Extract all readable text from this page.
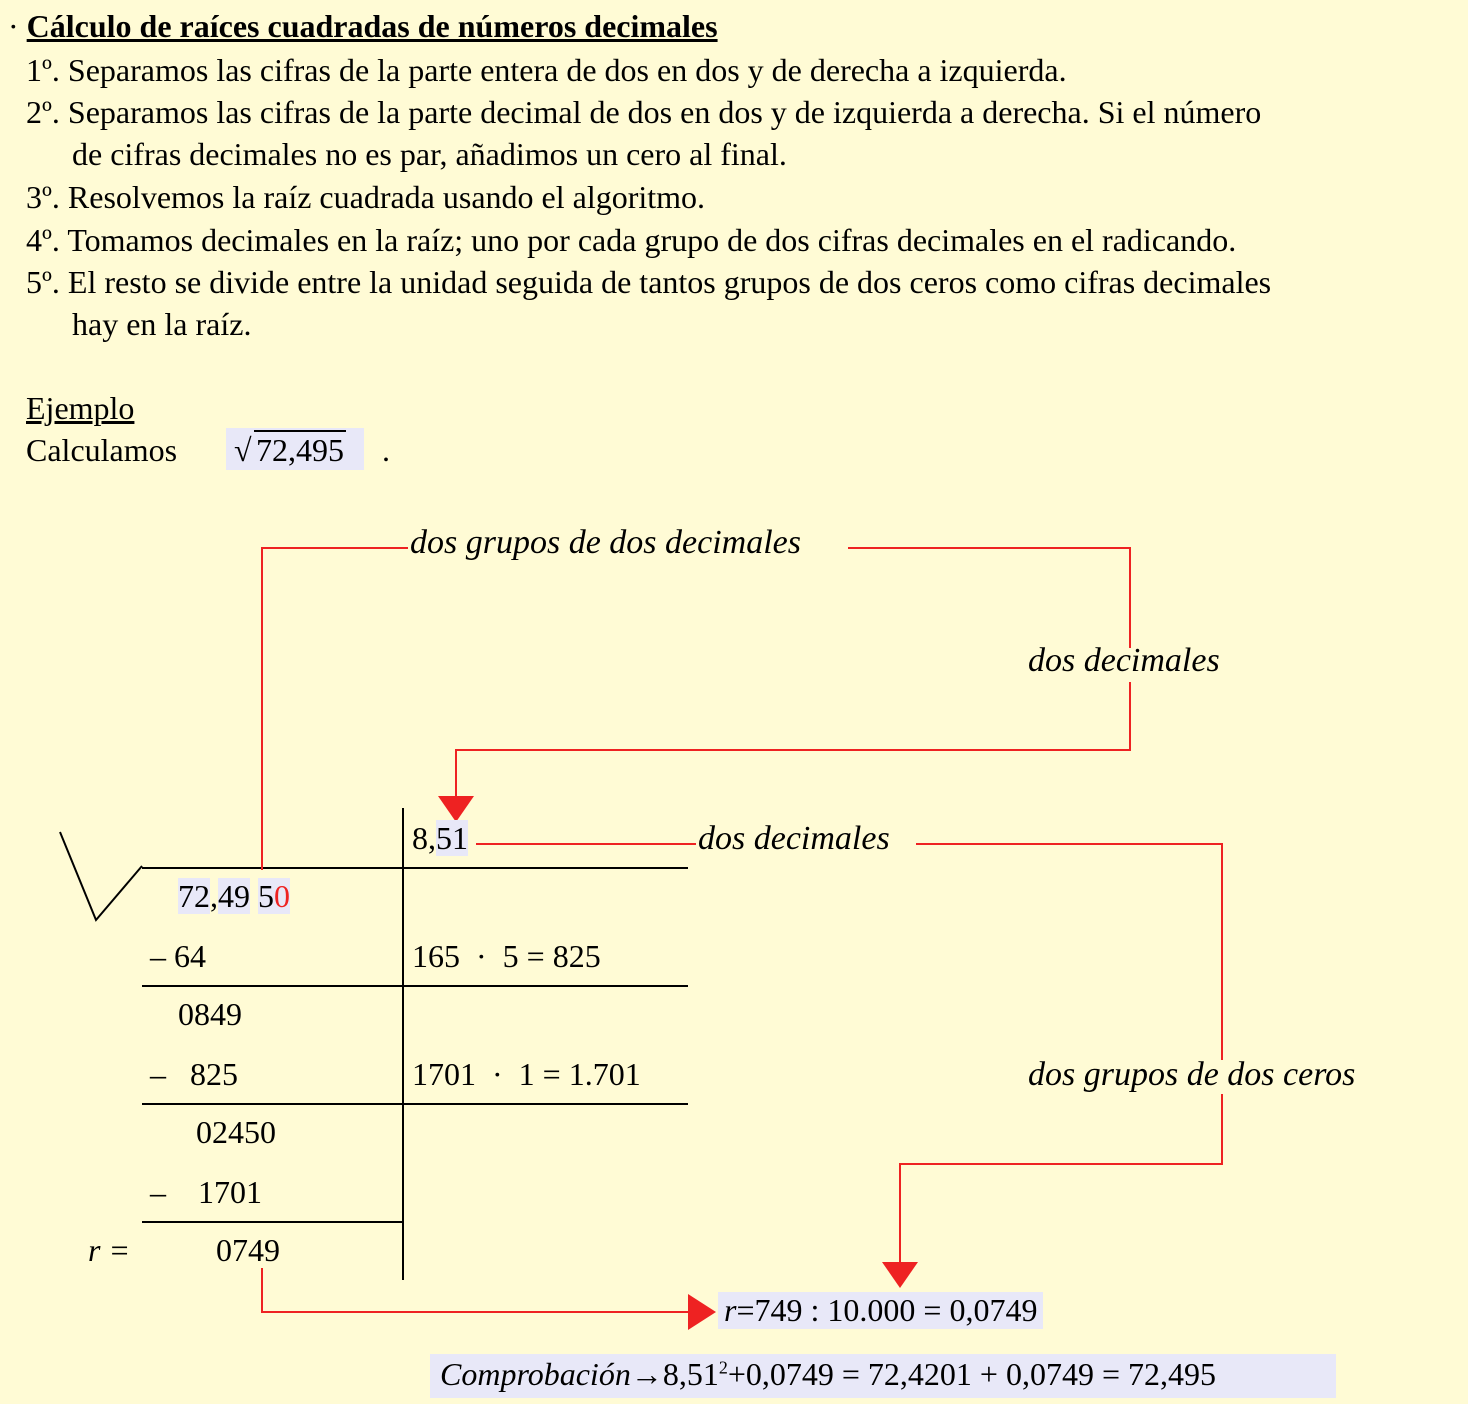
· Cálculo de raíces cuadradas de números decimales
1º. Separamos las cifras de la parte entera de dos en dos y de derecha a izquierda.
2º. Separamos las cifras de la parte decimal de dos en dos y de izquierda a derecha. Si el número
de cifras decimales no es par, añadimos un cero al final.
3º. Resolvemos la raíz cuadrada usando el algoritmo.
4º. Tomamos decimales en la raíz; uno por cada grupo de dos cifras decimales en el radicando.
5º. El resto se divide entre la unidad seguida de tantos grupos de dos ceros como cifras decimales
hay en la raíz.
Ejemplo
Calculamos √ 72,495 .
dos grupos de dos decimales
dos decimales
dos decimales
dos grupos de dos ceros
8,51
72,49 50
– 64
0849
–   825
02450
–    1701
r =	0749
165  ·  5 = 825
1701  ·  1 = 1.701
r=749 : 10.000 = 0,0749
$Comprobación\to 8,51^2+0,0749 = 72,4201 + 0,0749 = 72,495$
